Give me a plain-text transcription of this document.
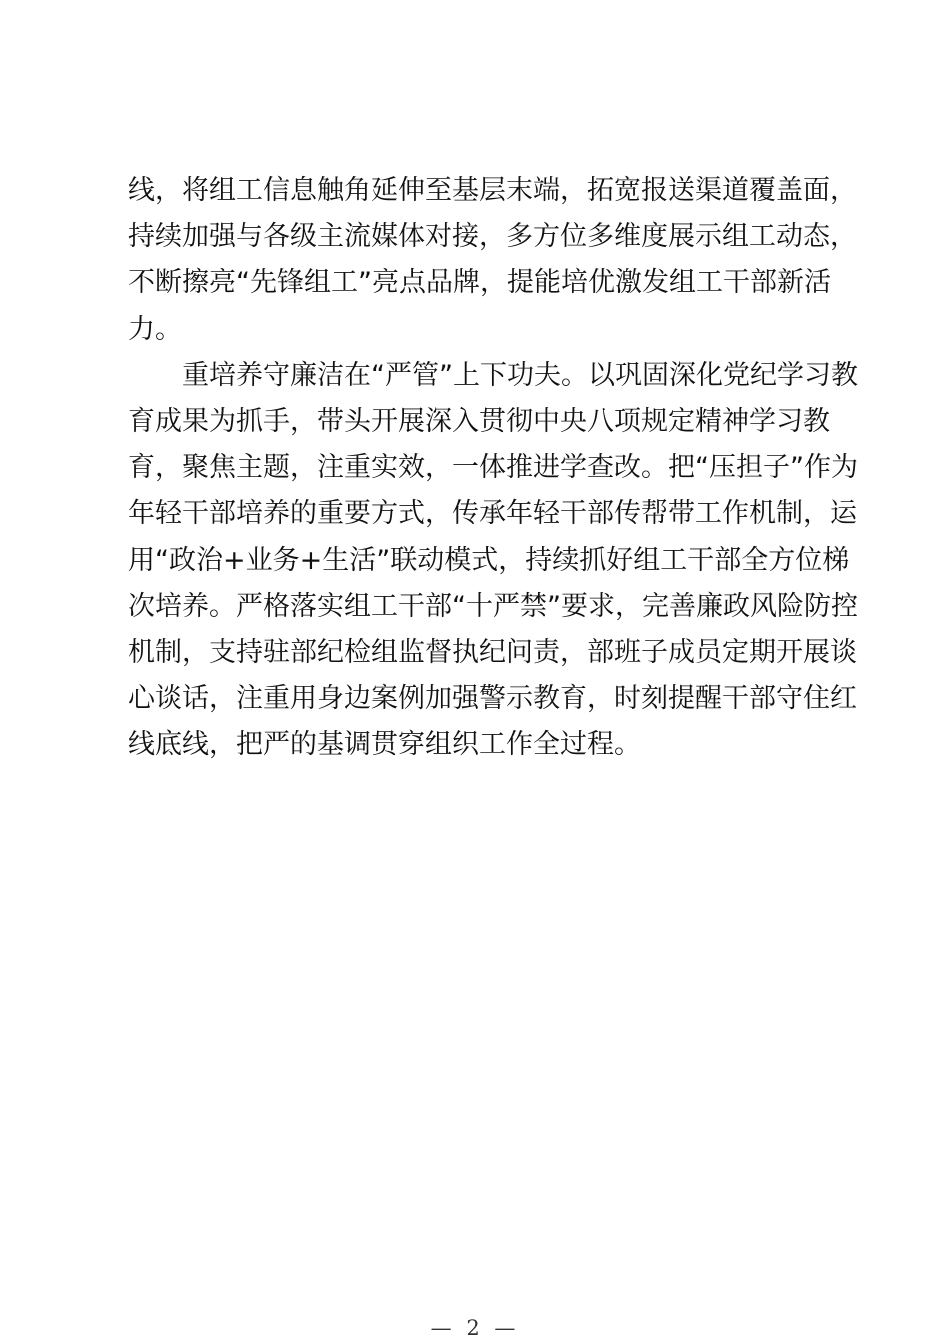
线，将组工信息触角延伸至基层末端，拓宽报送渠道覆盖面，
持续加强与各级主流媒体对接，多方位多维度展示组工动态，
不断擦亮“先锋组工”亮点品牌，提能培优激发组工干部新活
力。
　　重培养守廉洁在“严管”上下功夫。以巩固深化党纪学习教
育成果为抓手，带头开展深入贯彻中央八项规定精神学习教
育，聚焦主题，注重实效，一体推进学查改。把“压担子”作为
年轻干部培养的重要方式，传承年轻干部传帮带工作机制，运
用“政治+业务+生活”联动模式，持续抓好组工干部全方位梯
次培养。严格落实组工干部“十严禁”要求，完善廉政风险防控
机制，支持驻部纪检组监督执纪问责，部班子成员定期开展谈
心谈话，注重用身边案例加强警示教育，时刻提醒干部守住红
线底线，把严的基调贯穿组织工作全过程。
— 2 —
